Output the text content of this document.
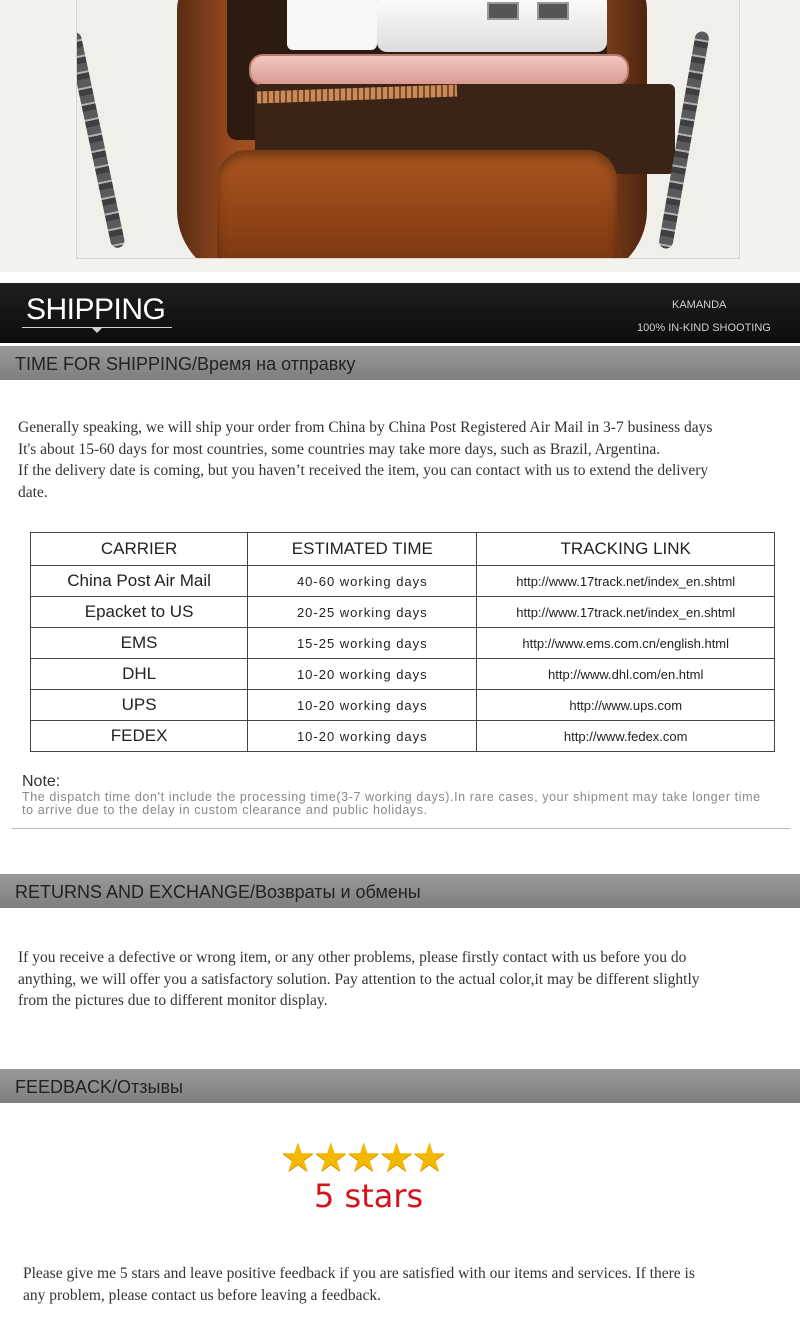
SHIPPING	KAMANDA
100% IN-KIND SHOOTING
TIME FOR SHIPPING/Время на отправку
Generally speaking, we will ship your order from China by China Post Registered Air Mail in 3-7 business days
It's about 15-60 days for most countries, some countries may take more days, such as Brazil, Argentina.
If the delivery date is coming, but you haven’t received the item, you can contact with us to extend the delivery
date.
CARRIER	ESTIMATED TIME	TRACKING LINK
China Post Air Mail	40-60 working days	http://www.17track.net/index_en.shtml
Epacket to US	20-25 working days	http://www.17track.net/index_en.shtml
EMS	15-25 working days	http://www.ems.com.cn/english.html
DHL	10-20 working days	http://www.dhl.com/en.html
UPS	10-20 working days	http://www.ups.com
FEDEX	10-20 working days	http://www.fedex.com
Note:
The dispatch time don't include the processing time(3-7 working days).In rare cases, your shipment may take longer time to arrive due to the delay in custom clearance and public holidays.
RETURNS AND EXCHANGE/Возвраты и обмены
If you receive a defective or wrong item, or any other problems, please firstly contact with us before you do
anything, we will offer you a satisfactory solution. Pay attention to the actual color,it may be different slightly
from the pictures due to different monitor display.
FEEDBACK/Отзывы
★★★★★
5 stars
Please give me 5 stars and leave positive feedback if you are satisfied with our items and services. If there is
any problem, please contact us before leaving a feedback.
